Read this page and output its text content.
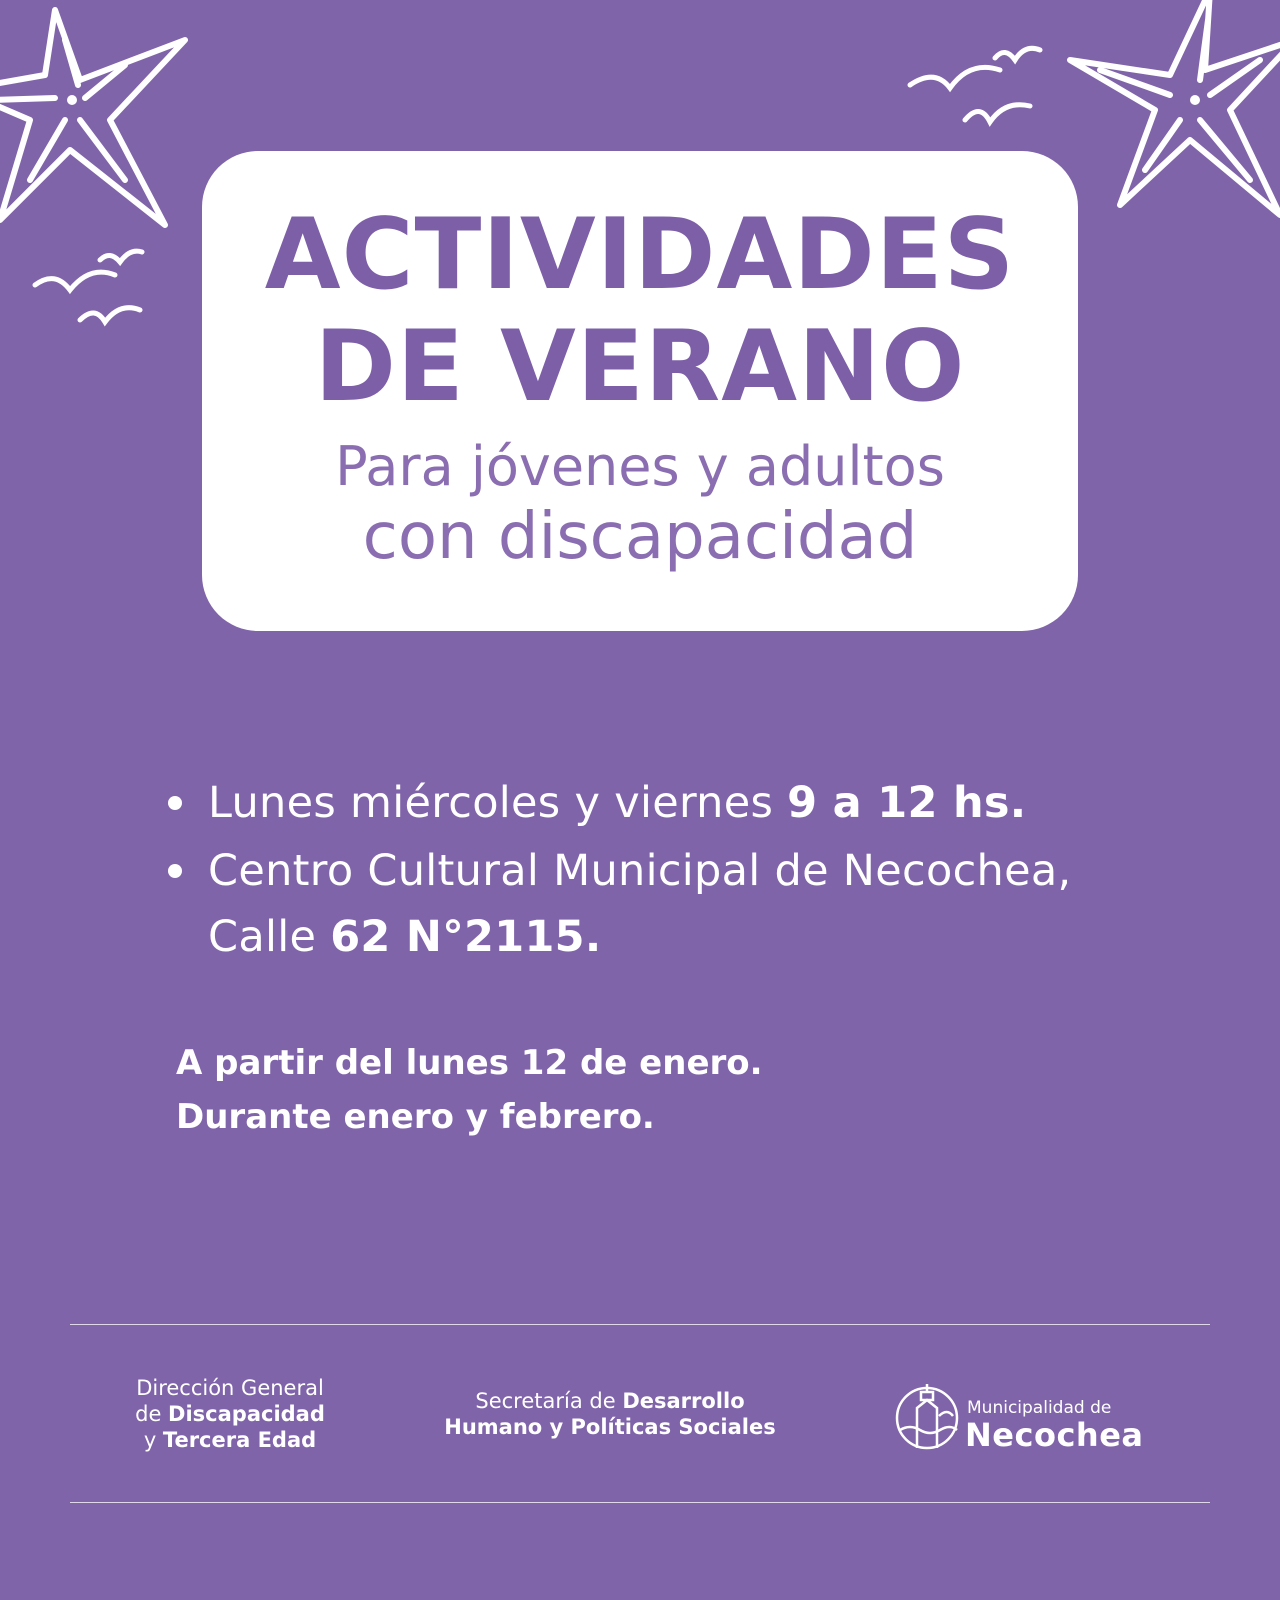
ACTIVIDADES
DE VERANO
Para jóvenes y adultos
con discapacidad
Lunes miércoles y viernes 9 a 12 hs.
Centro Cultural Municipal de Necochea,
Calle 62 N°2115.
A partir del lunes 12 de enero.
Durante enero y febrero.
Dirección General
de Discapacidad
y Tercera Edad
Secretaría de Desarrollo
Humano y Políticas Sociales
Municipalidad de
Necochea
